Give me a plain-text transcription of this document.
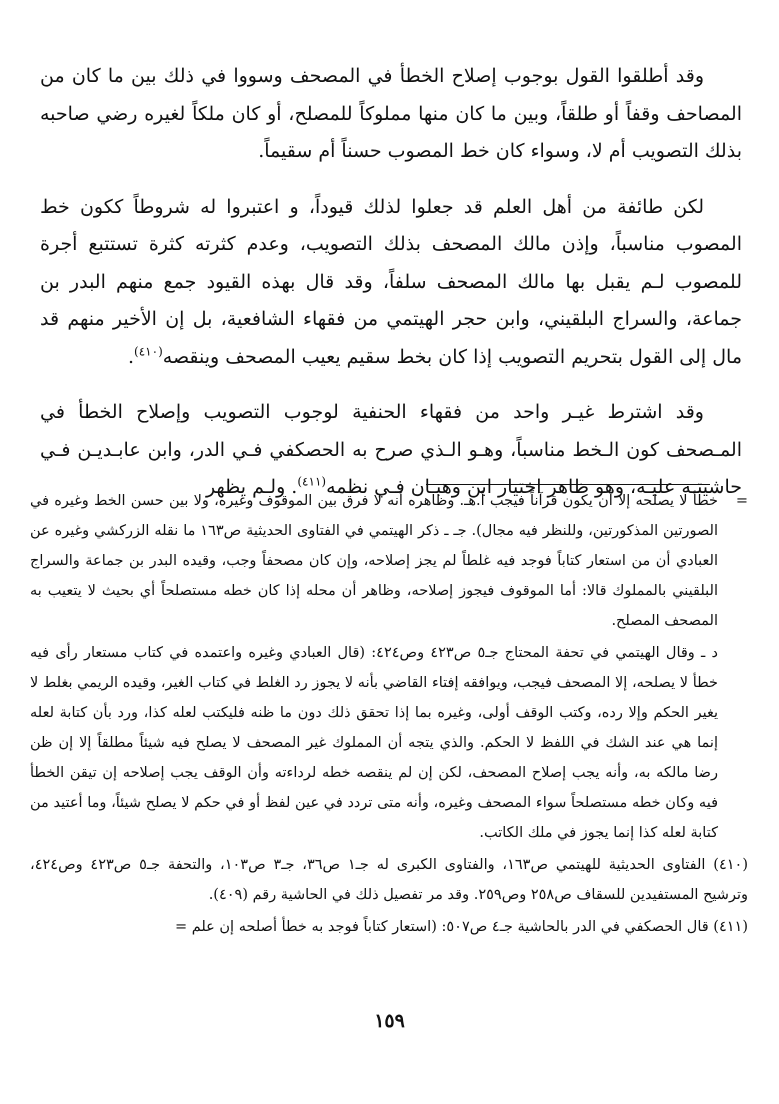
وقد أطلقوا القول بوجوب إصلاح الخطأ في المصحف وسووا في ذلك بين ما كان من المصاحف وقفاً أو طلقاً، وبين ما كان منها مملوكاً للمصلح، أو كان ملكاً لغيره رضي صاحبه بذلك التصويب أم لا، وسواء كان خط المصوب حسناً أم سقيماً.

لكن طائفة من أهل العلم قد جعلوا لذلك قيوداً، و اعتبروا له شروطاً ككون خط المصوب مناسباً، وإذن مالك المصحف بذلك التصويب، وعدم كثرته كثرة تستتبع أجرة للمصوب لـم يقبل بها مالك المصحف سلفاً، وقد قال بهذه القيود جمع منهم البدر بن جماعة، والسراج البلقيني، وابن حجر الهيتمي من فقهاء الشافعية، بل إن الأخير منهم قد مال إلى القول بتحريم التصويب إذا كان بخط سقيم يعيب المصحف وينقصه$^{(٤١٠)}$.

وقد اشترط غيـر واحد من فقهاء الحنفية لوجوب التصويب وإصلاح الخطأ في المـصحف كون الـخط مناسباً، وهـو الـذي صرح به الحصكفي فـي الدر، وابن عابـديـن فـي حاشيتـه عليـه، وهو ظاهر اختيار ابن وهبـان فـي نظمه$^{(٤١١)}$. ولـم يظهر

=
خطأ لا يصلحه إلا أن يكون قرآناً فيجب أ.هـ. وظاهره أنه لا فرق بين الموقوف وغيره، ولا بين حسن الخط وغيره في الصورتين المذكورتين، وللنظر فيه مجال). جـ ـ ذكر الهيتمي في الفتاوى الحديثية ص١٦٣ ما نقله الزركشي وغيره عن العبادي أن من استعار كتاباً فوجد فيه غلطاً لم يجز إصلاحه، وإن كان مصحفاً وجب، وقيده البدر بن جماعة والسراج البلقيني بالمملوك قالا: أما الموقوف فيجوز إصلاحه، وظاهر أن محله إذا كان خطه مستصلحاً أي بحيث لا يتعيب به المصحف المصلح.
د ـ وقال الهيتمي في تحفة المحتاج جـ٥ ص٤٢٣ وص٤٢٤: (قال العبادي وغيره واعتمده في كتاب مستعار رأى فيه خطأ لا يصلحه، إلا المصحف فيجب، ويوافقه إفتاء القاضي بأنه لا يجوز رد الغلط في كتاب الغير، وقيده الريمي بغلط لا يغير الحكم وإلا رده، وكتب الوقف أولى، وغيره بما إذا تحقق ذلك دون ما ظنه فليكتب لعله كذا، ورد بأن كتابة لعله إنما هي عند الشك في اللفظ لا الحكم. والذي يتجه أن المملوك غير المصحف لا يصلح فيه شيئاً مطلقاً إلا إن ظن رضا مالكه به، وأنه يجب إصلاح المصحف، لكن إن لم ينقصه خطه لرداءته وأن الوقف يجب إصلاحه إن تيقن الخطأ فيه وكان خطه مستصلحاً سواء المصحف وغيره، وأنه متى تردد في عين لفظ أو في حكم لا يصلح شيئاً، وما أعتيد من كتابة لعله كذا إنما يجوز في ملك الكاتب.
(٤١٠) الفتاوى الحديثية للهيتمي ص١٦٣، والفتاوى الكبرى له جـ١ ص٣٦، جـ٣ ص١٠٣، والتحفة جـ٥ ص٤٢٣ وص٤٢٤، وترشيح المستفيدين للسقاف ص٢٥٨ وص٢٥٩. وقد مر تفصيل ذلك في الحاشية رقم (٤٠٩).
(٤١١) قال الحصكفي في الدر بالحاشية جـ٤ ص٥٠٧: (استعار كتاباً فوجد به خطأ أصلحه إن علم =
١٥٩
